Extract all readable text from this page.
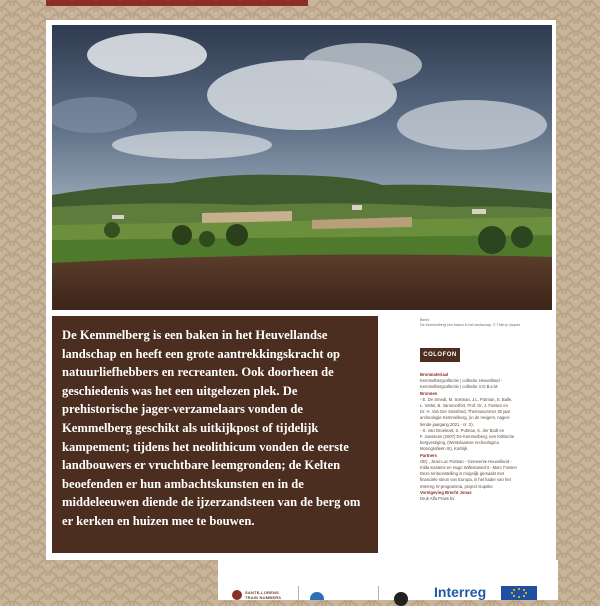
De Kemmelberg is een baken in het Heuvellandse landschap en heeft een grote aantrekkingskracht op natuurliefhebbers en recreanten. Ook doorheen de geschiedenis was het een uitgelezen plek. De prehistorische jager-verzamelaars vonden de Kemmelberg geschikt als uitkijkpost of tijdelijk kampement; tijdens het neolithicum vonden de eerste landbouwers er vruchtbare leemgronden; de Kelten beoefenden er hun ambachtskunsten en in de middeleeuwen diende de ijzerzandsteen van de berg om er kerken en huizen mee te bouwen.
Beeld
De Kemmelberg een baken in het landschap. © Thierry Jaques
COLOFON
Bronmateriaal
Kemmelbergcollectie | collectie Heuvelland -
Kemmelbergcollectie | collectie V.O.B.e.M
Bronnen
- E. De Smedt, M. Sosman, J.L. Putman, S. Balle,
L. Vettel, B. Vanmontfort, Prof. Dr. J. Fossen en
Dr. H. Van Der Smisthed, Themanummer 30 jaar
archeologie Kemmelberg, (in de Heigem, nagen-
tiende jaargang 2021 - nr. 2).
- S. Van Droeleart, S. Putman, K. der Bodt en
F. Janssens (2007) De Kemmelberg: een Keltische
bergvestiging, (Westvlaamse Archeologica
Monografieën III), Kortrijk.
Partners
OE) , Jean-Luc Putman - Gemeente Heuvelland -
Kilda Kastens en Hugo Willemanecht - Marc Fossen
Deze tentoonstelling is mogelijk gemaakt met
financiële steun van Europa, in het kader van het
Interreg IV-programma, project Gupsko
Vormgeving Brecht Jonas
Druk Alfa Prass bv
SANTE-LORENS TRAIN NUMBERS	Interreg
